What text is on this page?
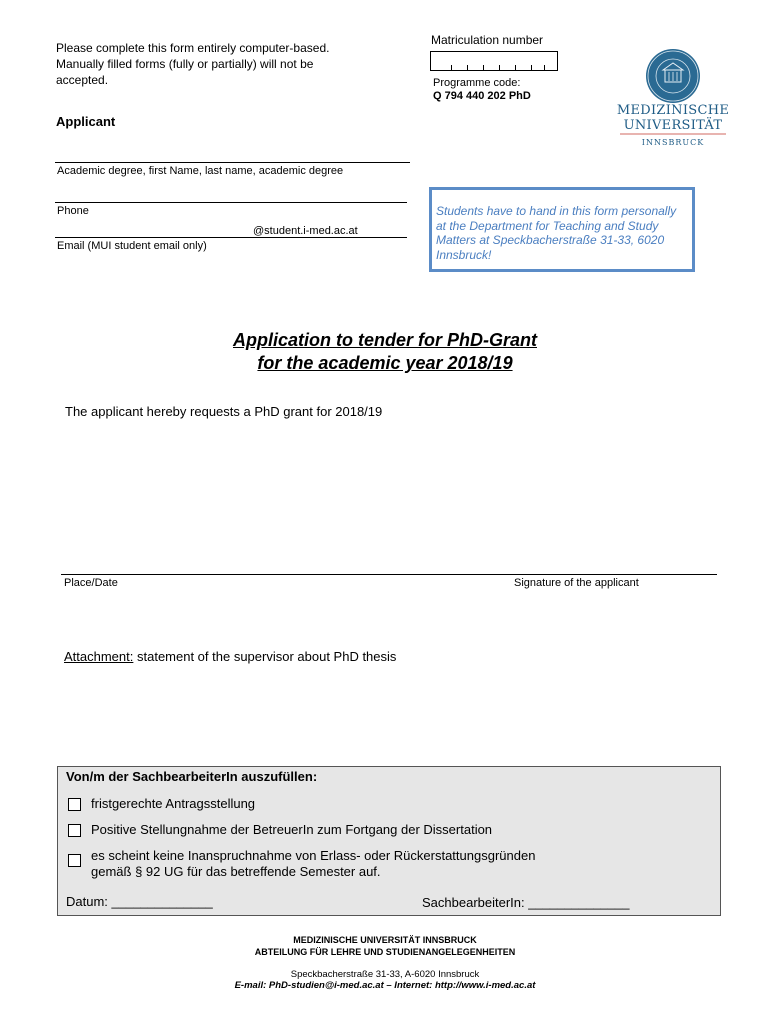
Please complete this form entirely computer-based.
Manually filled forms (fully or partially) will not be
accepted.
Matriculation number
Programme code:
Q 794 440 202 PhD
MEDIZINISCHE
UNIVERSITÄT
INNSBRUCK
Applicant
Academic degree, first Name, last name, academic degree
Phone
@student.i-med.ac.at
Email (MUI student email only)
Students have to hand in this form personally at the Department for Teaching and Study Matters at Speckbacherstraße 31-33, 6020 Innsbruck!
Application to tender for PhD-Grant
for the academic year 2018/19
The applicant hereby requests a PhD grant for 2018/19
Place/Date	Signature of the applicant
Attachment: statement of the supervisor about PhD thesis
Von/m der SachbearbeiterIn auszufüllen:
fristgerechte Antragsstellung
Positive Stellungnahme der BetreuerIn zum Fortgang der Dissertation
es scheint keine Inanspruchnahme von Erlass- oder Rückerstattungsgründen
gemäß § 92 UG für das betreffende Semester auf.
Datum: ______________	SachbearbeiterIn: ______________
MEDIZINISCHE UNIVERSITÄT INNSBRUCK
ABTEILUNG FÜR LEHRE UND STUDIENANGELEGENHEITEN
Speckbacherstraße 31-33, A-6020 Innsbruck
E-mail: PhD-studien@i-med.ac.at – Internet: http://www.i-med.ac.at
